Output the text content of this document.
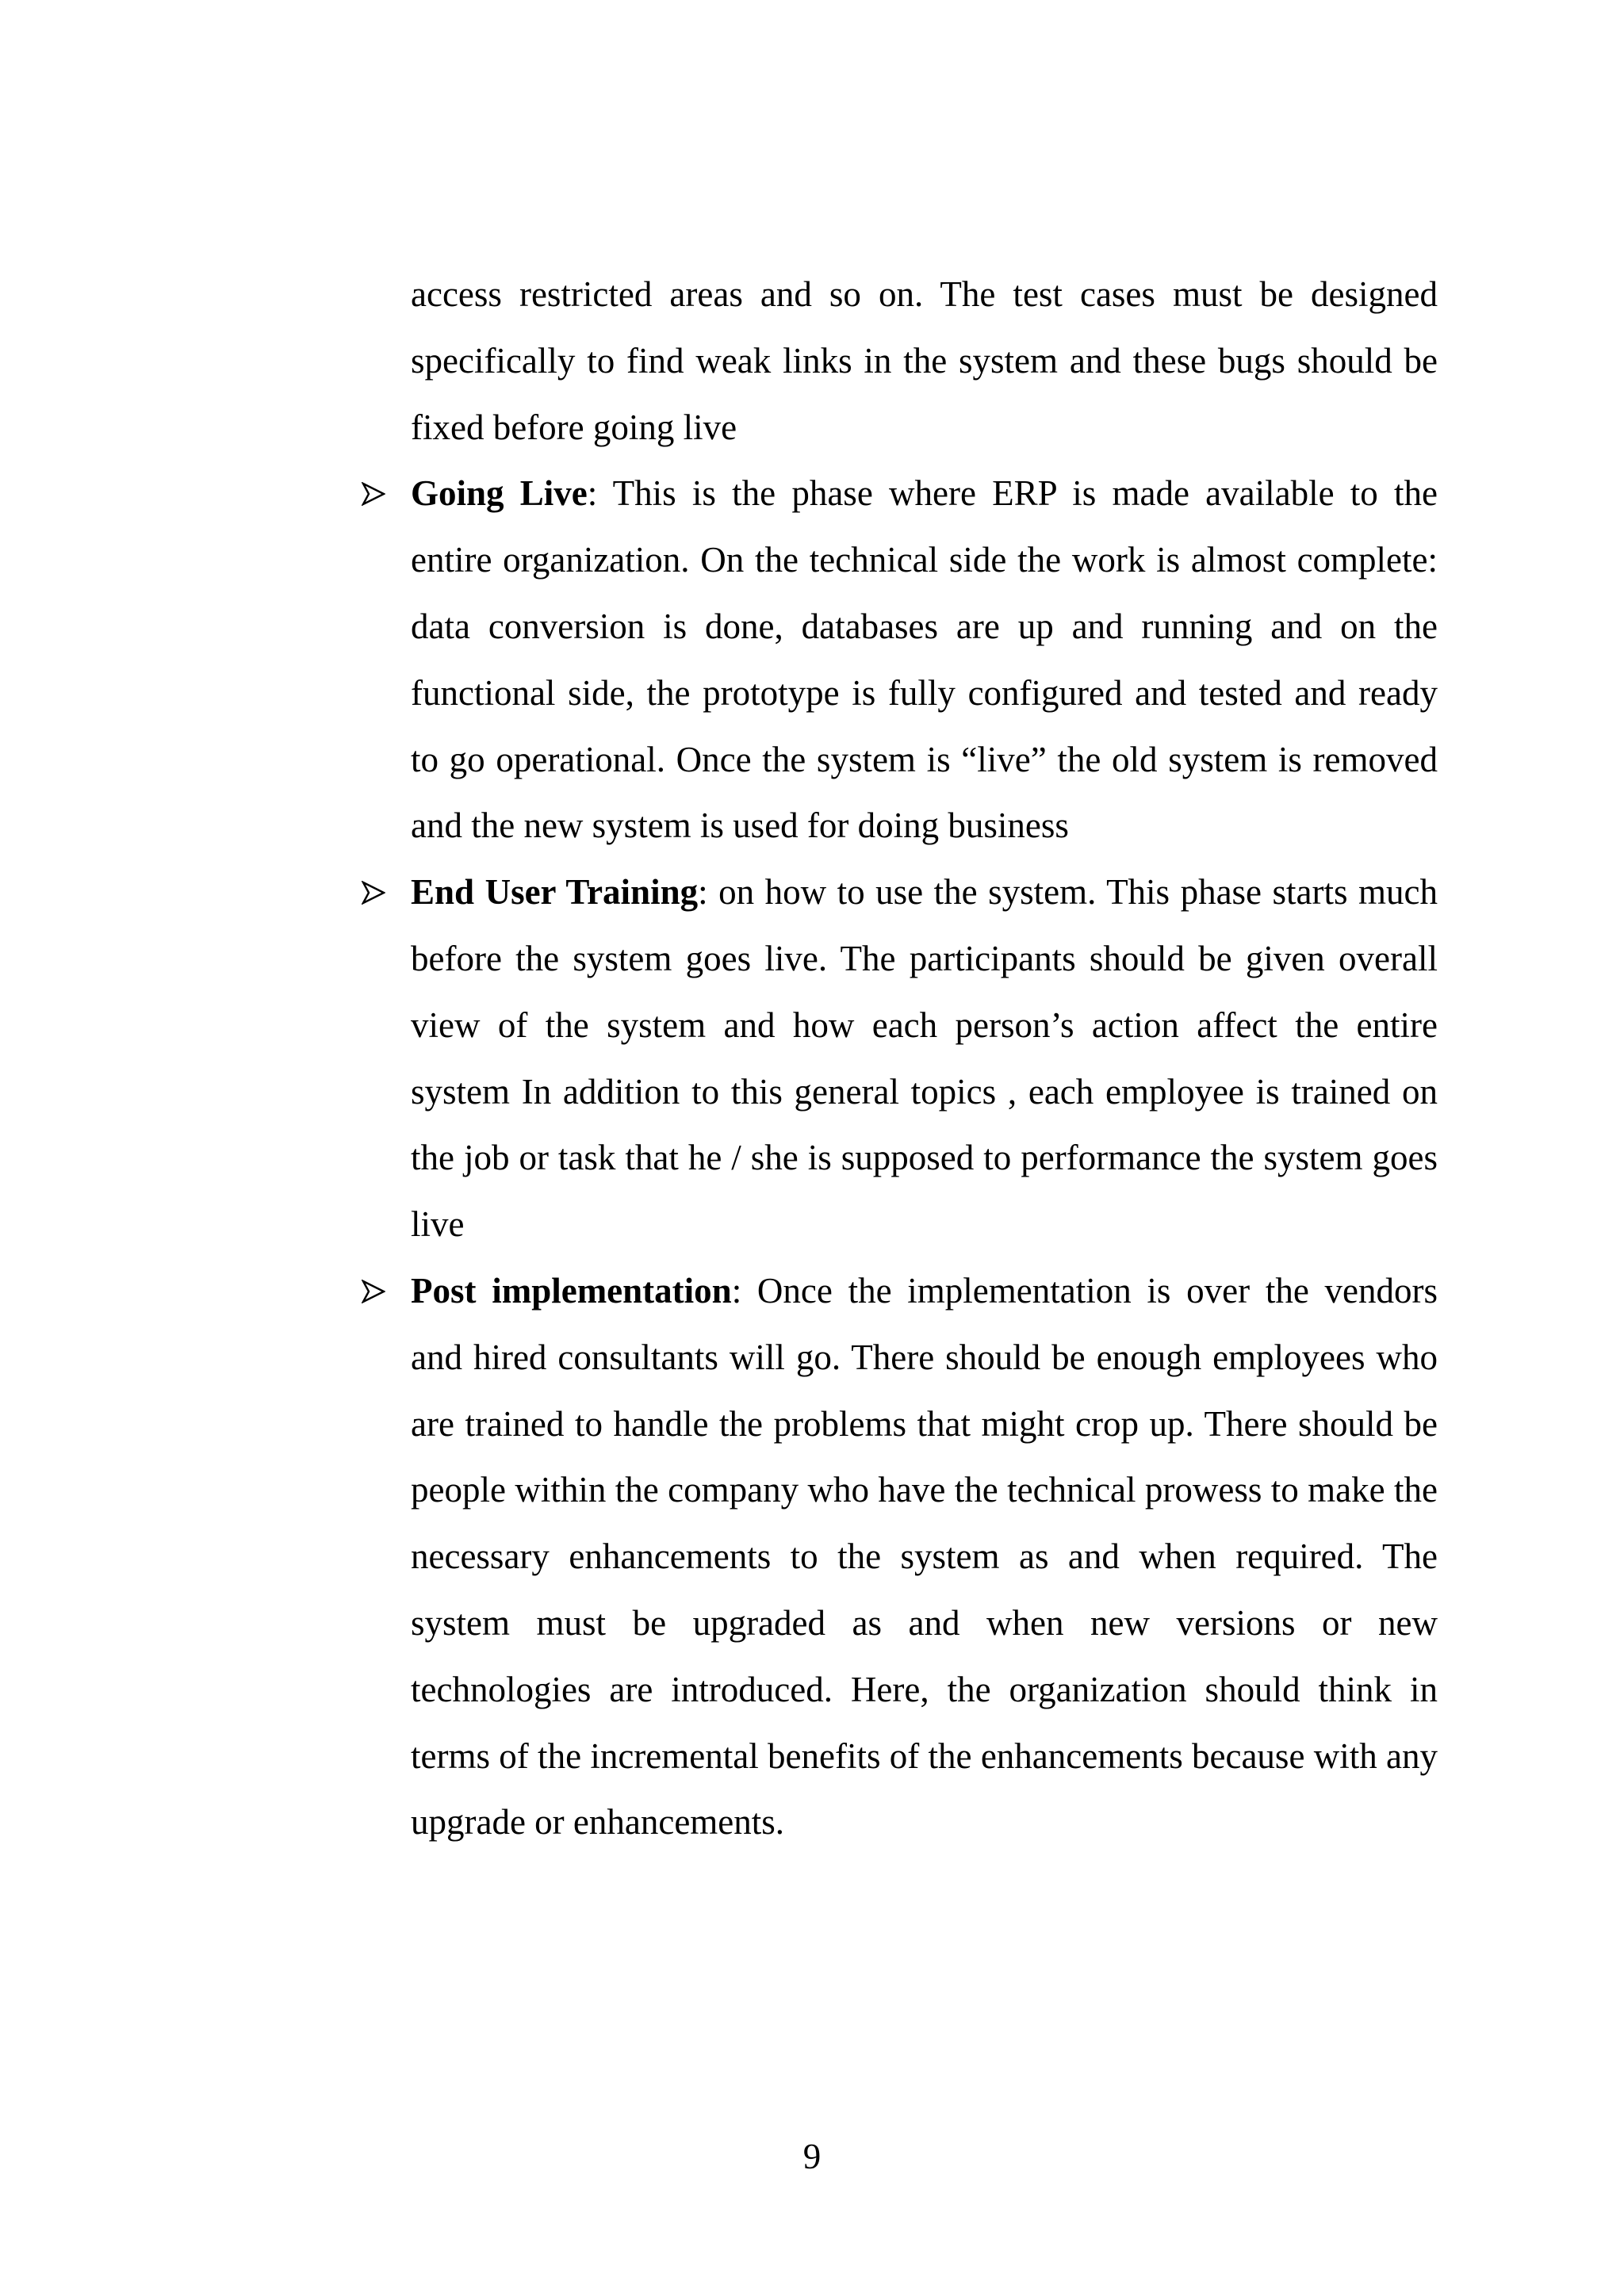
access restricted areas and so on. The test cases must be designed specifically to find weak links in the system and these bugs should be fixed before going live

Going Live: This is the phase where ERP is made available to the entire organization. On the technical side the work is almost complete: data conversion is done, databases are up and running and on the functional side, the prototype is fully configured and tested and ready to go operational. Once the system is “live” the old system is removed and the new system is used for doing business

End User Training: on how to use the system. This phase starts much before the system goes live. The participants should be given overall view of the system and how each person’s action affect the entire system In addition to this general topics , each employee is trained on the job or task that he / she is supposed to performance the system goes live

Post implementation: Once the implementation is over the vendors and hired consultants will go. There should be enough employees who are trained to handle the problems that might crop up. There should be people within the company who have the technical prowess to make the necessary enhancements to the system as and when required. The system must be upgraded as and when new versions or new technologies are introduced. Here, the organization should think in terms of the incremental benefits of the enhancements because with any upgrade or enhancements.

9
